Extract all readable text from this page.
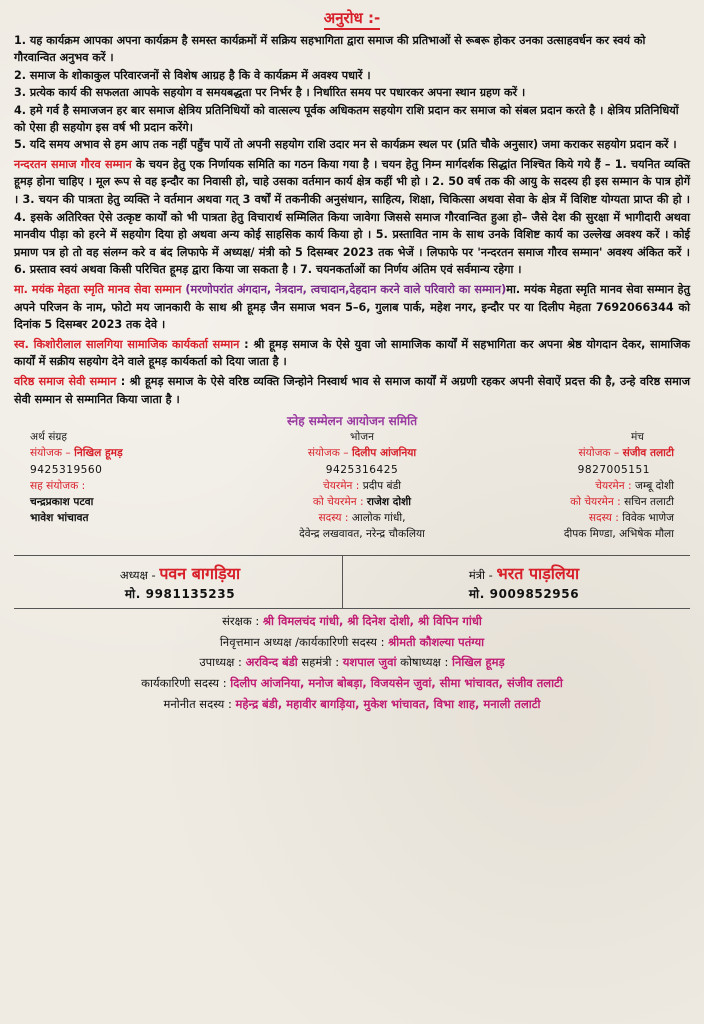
अनुरोध :-

1. यह कार्यक्रम आपका अपना कार्यक्रम है समस्त कार्यक्रमों में सक्रिय सहभागिता द्वारा समाज की प्रतिभाओं से रूबरू होकर उनका उत्साहवर्धन कर स्वयं को गौरवान्वित अनुभव करें ।

2. समाज के शोकाकुल परिवारजनों से विशेष आग्रह है कि वे कार्यक्रम में अवश्य पधारें ।

3. प्रत्येक कार्य की सफलता आपके सहयोग व समयबद्धता पर निर्भर है । निर्धारित समय पर पधारकर अपना स्थान ग्रहण करें ।

4. हमे गर्व है समाजजन हर बार समाज क्षेत्रिय प्रतिनिधियों को वात्सल्य पूर्वक अधिकतम सहयोग राशि प्रदान कर समाज को संबल प्रदान करते है । क्षेत्रिय प्रतिनिधियों को ऐसा ही सहयोग इस वर्ष भी प्रदान करेंगे।

5. यदि समय अभाव से हम आप तक नहीं पहुँच पायें तो अपनी सहयोग राशि उदार मन से कार्यक्रम स्थल पर (प्रति चौके अनुसार) जमा कराकर सहयोग प्रदान करें ।

नन्दरतन समाज गौरव सम्मान के चयन हेतु एक निर्णायक समिति का गठन किया गया है । चयन हेतु निम्न मार्गदर्शक सिद्धांत निश्चित किये गये हैं – 1. चयनित व्यक्ति हूमड़ होना चाहिए । मूल रूप से वह इन्दौर का निवासी हो, चाहे उसका वर्तमान कार्य क्षेत्र कहीं भी हो । 2. 50 वर्ष तक की आयु के सदस्य ही इस सम्मान के पात्र होगें । 3. चयन की पात्रता हेतु व्यक्ति ने वर्तमान अथवा गत् 3 वर्षों में तकनीकी अनुसंधान, साहित्य, शिक्षा, चिकित्सा अथवा सेवा के क्षेत्र में विशिष्ट योग्यता प्राप्त की हो । 4. इसके अतिरिक्त ऐसे उत्कृष्ट कार्यों को भी पात्रता हेतु विचारार्थ सम्मिलित किया जावेगा जिससे समाज गौरवान्वित हुआ हो– जैसे देश की सुरक्षा में भागीदारी अथवा मानवीय पीड़ा को हरने में सहयोग दिया हो अथवा अन्य कोई साहसिक कार्य किया हो । 5. प्रस्तावित नाम के साथ उनके विशिष्ट कार्य का उल्लेख अवश्य करें । कोई प्रमाण पत्र हो तो वह संलग्न करे व बंद लिफाफे में अध्यक्ष/ मंत्री को 5 दिसम्बर 2023 तक भेजें । लिफाफे पर 'नन्दरतन समाज गौरव सम्मान' अवश्य अंकित करें । 6. प्रस्ताव स्वयं अथवा किसी परिचित हूमड़ द्वारा किया जा सकता है । 7. चयनकर्ताओं का निर्णय अंतिम एवं सर्वमान्य रहेगा ।

मा. मयंक मेहता स्मृति मानव सेवा सम्मान (मरणोपरांत अंगदान, नेत्रदान, त्वचादान,देहदान करने वाले परिवारो का सम्मान)मा. मयंक मेहता स्मृति मानव सेवा सम्मान हेतु अपने परिजन के नाम, फोटो मय जानकारी के साथ श्री हूमड़ जैन समाज भवन 5–6, गुलाब पार्क, महेश नगर, इन्दौर पर या दिलीप मेहता 7692066344 को दिनांक 5 दिसम्बर 2023 तक देवे ।

स्व. किशोरीलाल सालगिया सामाजिक कार्यकर्ता सम्मान : श्री हूमड़ समाज के ऐसे युवा जो सामाजिक कार्यों में सहभागिता कर अपना श्रेष्ठ योगदान देकर, सामाजिक कार्यों में सक्रीय सहयोग देने वाले हूमड़ कार्यकर्ता को दिया जाता है ।

वरिष्ठ समाज सेवी सम्मान : श्री हूमड़ समाज के ऐसे वरिष्ठ व्यक्ति जिन्होने निस्वार्थ भाव से समाज कार्यों में अग्रणी रहकर अपनी सेवाऐं प्रदत्त की है, उन्हे वरिष्ठ समाज सेवी सम्मान से सम्मानित किया जाता है ।

स्नेह सम्मेलन आयोजन समिति
अर्थ संग्रह
संयोजक – निखिल हूमड़
9425319560
सह संयोजक :
चन्द्रप्रकाश पटवा
भावेश भांचावत
भोजन
संयोजक – दिलीप आंजनिया
9425316425
चेयरमेन : प्रदीप बंडी
को चेयरमेन : राजेश दोशी
सदस्य : आलोक गांधी,
देवेन्द्र लखवावत, नरेन्द्र चौकलिया
मंच
संयोजक – संजीव तलाटी
9827005151
चेयरमेन : जम्बू दोशी
को चेयरमेन : सचिन तलाटी
सदस्य : विवेक भाणेज
दीपक मिण्डा, अभिषेक मौला
अध्यक्ष - पवन बागड़िया
मो. 9981135235
मंत्री - भरत पाड़लिया
मो. 9009852956
संरक्षक : श्री विमलचंद गांधी, श्री दिनेश दोशी, श्री विपिन गांधी
निवृत्तमान अध्यक्ष /कार्यकारिणी सदस्य : श्रीमती कौशल्या पतंग्या
उपाध्यक्ष : अरविन्द बंडी सहमंत्री : यशपाल जुवां कोषाध्यक्ष : निखिल हूमड़
कार्यकारिणी सदस्य : दिलीप आंजनिया, मनोज बोबड़ा, विजयसेन जुवां, सीमा भांचावत, संजीव तलाटी
मनोनीत सदस्य : महेन्द्र बंडी, महावीर बागड़िया, मुकेश भांचावत, विभा शाह, मनाली तलाटी
